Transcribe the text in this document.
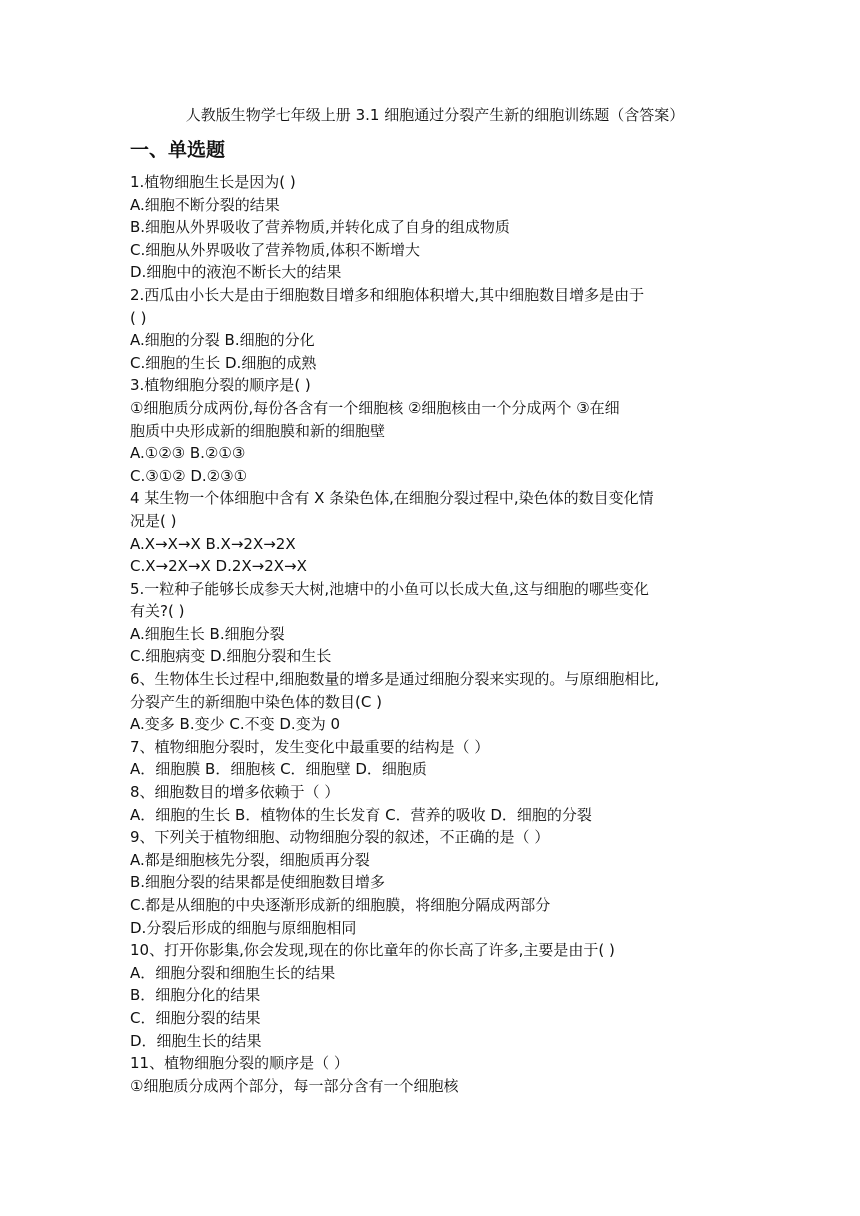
人教版生物学七年级上册 3.1 细胞通过分裂产生新的细胞训练题（含答案）
一、单选题
1.植物细胞生长是因为( )
A.细胞不断分裂的结果
B.细胞从外界吸收了营养物质,并转化成了自身的组成物质
C.细胞从外界吸收了营养物质,体积不断增大
D.细胞中的液泡不断长大的结果
2.西瓜由小长大是由于细胞数目增多和细胞体积增大,其中细胞数目增多是由于
( )
A.细胞的分裂 B.细胞的分化
C.细胞的生长 D.细胞的成熟
3.植物细胞分裂的顺序是( )
①细胞质分成两份,每份各含有一个细胞核 ②细胞核由一个分成两个 ③在细
胞质中央形成新的细胞膜和新的细胞壁
A.①②③ B.②①③
C.③①② D.②③①
4 某生物一个体细胞中含有 X 条染色体,在细胞分裂过程中,染色体的数目变化情
况是( )
A.X→X→X B.X→2X→2X
C.X→2X→X D.2X→2X→X
5.一粒种子能够长成参天大树,池塘中的小鱼可以长成大鱼,这与细胞的哪些变化
有关?( )
A.细胞生长 B.细胞分裂
C.细胞病变 D.细胞分裂和生长
6、生物体生长过程中,细胞数量的增多是通过细胞分裂来实现的。与原细胞相比,
分裂产生的新细胞中染色体的数目(C )
A.变多 B.变少 C.不变 D.变为 0
7、植物细胞分裂时，发生变化中最重要的结构是（ ）
A．细胞膜 B．细胞核 C．细胞壁 D．细胞质
8、细胞数目的增多依赖于（ ）
A．细胞的生长 B．植物体的生长发育 C．营养的吸收 D．细胞的分裂
9、下列关于植物细胞、动物细胞分裂的叙述，不正确的是（ ）
A.都是细胞核先分裂，细胞质再分裂
B.细胞分裂的结果都是使细胞数目增多
C.都是从细胞的中央逐渐形成新的细胞膜，将细胞分隔成两部分
D.分裂后形成的细胞与原细胞相同
10、打开你影集,你会发现,现在的你比童年的你长高了许多,主要是由于( )
A．细胞分裂和细胞生长的结果
B．细胞分化的结果
C．细胞分裂的结果
D．细胞生长的结果
11、植物细胞分裂的顺序是（ ）
①细胞质分成两个部分，每一部分含有一个细胞核
